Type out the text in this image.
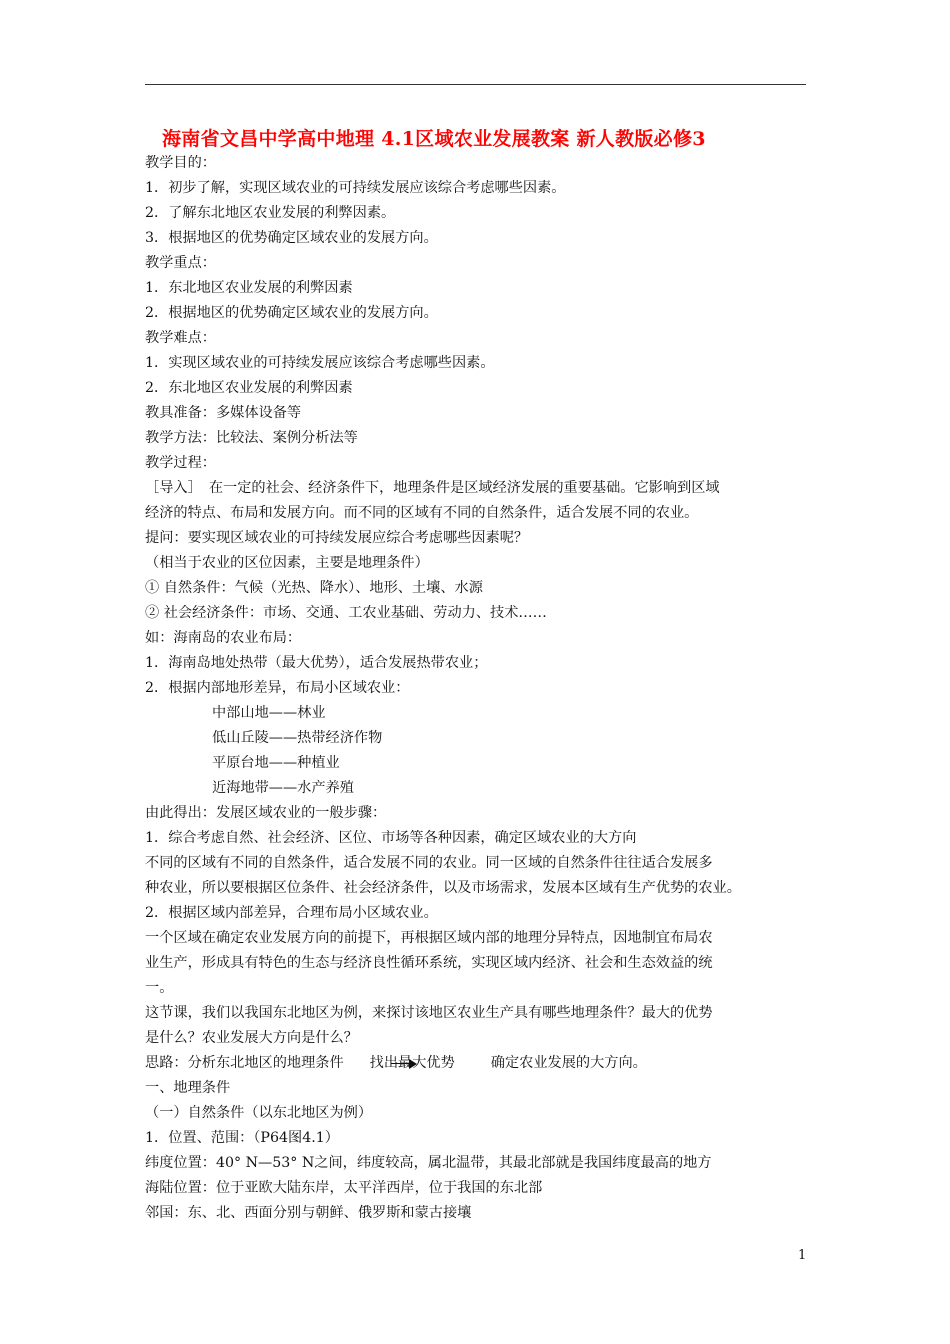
海南省文昌中学高中地理 4.1区域农业发展教案 新人教版必修3
教学目的：
1．初步了解，实现区域农业的可持续发展应该综合考虑哪些因素。
2．了解东北地区农业发展的利弊因素。
3．根据地区的优势确定区域农业的发展方向。
教学重点：
1．东北地区农业发展的利弊因素
2．根据地区的优势确定区域农业的发展方向。
教学难点：
1．实现区域农业的可持续发展应该综合考虑哪些因素。
2．东北地区农业发展的利弊因素
教具准备：多媒体设备等
教学方法：比较法、案例分析法等
教学过程：
［导入］　在一定的社会、经济条件下，地理条件是区域经济发展的重要基础。它影响到区域
经济的特点、布局和发展方向。而不同的区域有不同的自然条件，适合发展不同的农业。
提问：要实现区域农业的可持续发展应综合考虑哪些因素呢？
（相当于农业的区位因素，主要是地理条件）
① 自然条件：气候（光热、降水）、地形、土壤、水源
② 社会经济条件：市场、交通、工农业基础、劳动力、技术……
如：海南岛的农业布局：
1．海南岛地处热带（最大优势），适合发展热带农业；
2．根据内部地形差异，布局小区域农业：
中部山地——林业
低山丘陵——热带经济作物
平原台地——种植业
近海地带——水产养殖
由此得出：发展区域农业的一般步骤：
1．综合考虑自然、社会经济、区位、市场等各种因素，确定区域农业的大方向
不同的区域有不同的自然条件，适合发展不同的农业。同一区域的自然条件往往适合发展多
种农业，所以要根据区位条件、社会经济条件，以及市场需求，发展本区域有生产优势的农业。
2．根据区域内部差异，合理布局小区域农业。
一个区域在确定农业发展方向的前提下，再根据区域内部的地理分异特点，因地制宜布局农
业生产，形成具有特色的生态与经济良性循环系统，实现区域内经济、社会和生态效益的统
一。
这节课，我们以我国东北地区为例，来探讨该地区农业生产具有哪些地理条件？最大的优势
是什么？农业发展大方向是什么？
思路：分析东北地区的地理条件 找出最大优势	确定农业发展的大方向。
一、地理条件
（一）自然条件（以东北地区为例）
1．位置、范围：（P64图4.1）
纬度位置：40° N—53° N之间，纬度较高，属北温带，其最北部就是我国纬度最高的地方
海陆位置：位于亚欧大陆东岸，太平洋西岸，位于我国的东北部
邻国：东、北、西面分别与朝鲜、俄罗斯和蒙古接壤
1
